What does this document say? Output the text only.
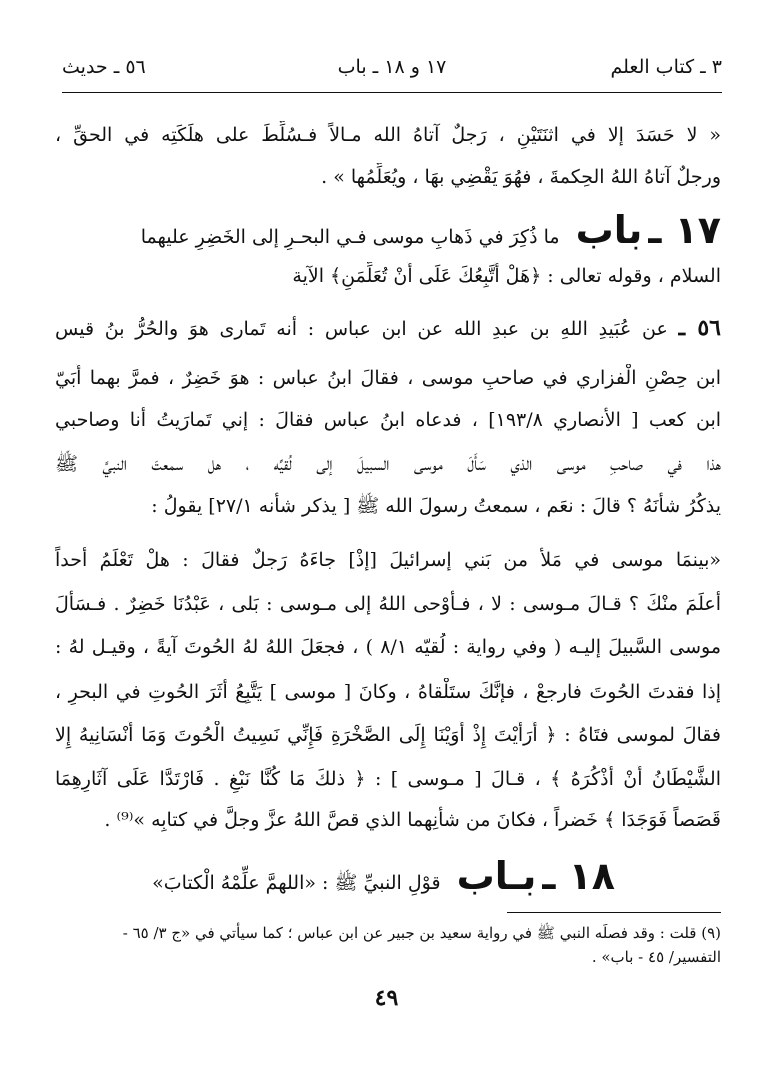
٣ ـ كتاب العلم
١٧ و ١٨ ـ باب
٥٦ ـ حديث
« لا حَسَدَ إلا في اثنَتَيْنِ ، رَجلٌ آتاهُ الله مـالاً فـسُلِّطَ على هلَكَتِه في الحقِّ ،
ورجلٌ آتاهُ اللهُ الحِكمةَ ، فهُوَ يَقْضِي بهَا ، ويُعَلِّمُها » .
١٧ ـ باب ما ذُكِرَ في ذَهابِ موسى فـي البحـرِ إلى الخَضِرِ عليهما
السلام ، وقوله تعالى : ﴿هَلْ أَتَّبِعُكَ عَلَى أَنْ تُعَلِّمَنِ﴾ الآية
٥٦ ـ عن عُبَيدِ اللهِ بن عبدِ الله عن ابن عباس : أنه تَمارى هوَ والحُرُّ بنُ قيس
ابن حِصْنٍ الْفزاري في صاحبِ موسى ، فقالَ ابنُ عباس : هوَ خَضِرٌ ، فمرَّ بهما أُبَيّ
ابن كعب [ الأنصاري ١٩٣/٨] ، فدعاه ابنُ عباس فقالَ : إني تَمارَيتُ أنا وصاحبي
هذا في صاحبِ موسى الذي سَأَلَ موسى السبيلَ إلى لُقيِّه ، هل سمعتَ النبيَّ ﷺ
يذكُرُ شأْنَهُ ؟ قالَ : نعَم ، سمعتُ رسولَ الله ﷺ [ يذكر شأنه ٢٧/١] يقولُ :
«بينمَا موسى في مَلأ من بَني إسرائيلَ [إذْ] جاءَهُ رَجلٌ فقالَ : هلْ تَعْلَمُ أحداً
أعلَمَ منْكَ ؟ قـالَ مـوسى : لا ، فـأوْحى اللهُ إلى مـوسى : بَلى ، عَبْدُنَا خَضِرٌ . فـسَأَلَ
موسى السَّبيلَ إليـه ( وفي رواية : لُقيّه ٨/١ ) ، فجعَلَ اللهُ لهُ الحُوتَ آيةً ، وقيـل لهُ :
إذا فقدتَ الحُوتَ فارجعْ ، فإنَّكَ ستَلْقاهُ ، وكانَ [ موسى ] يَتَّبِعُ أثَرَ الحُوتِ في البحرِ ،
فقالَ لموسى فتَاهُ : ﴿ أَرَأَيْتَ إِذْ أَوَيْنَا إِلَى الصَّخْرَةِ فَإِنِّي نَسِيتُ الْحُوتَ وَمَا أَنْسَانِيهُ إِلا
الشَّيْطَانُ أَنْ أَذْكُرَهُ ﴾ ، قـالَ [ مـوسى ] : ﴿ ذلكَ مَا كُنَّا نَبْغِ . فَارْتَدَّا عَلَى آثَارِهِمَا
قَصَصاً فَوَجَدَا ﴾ خَضراً ، فكانَ من شأنِهما الذي قصَّ اللهُ عزَّ وجلَّ في كتابِه »⁽⁹⁾ .
١٨ ـ بـاب قوْلِ النبيِّ ﷺ : «اللهمَّ علِّمْهُ الْكتابَ»
(٩) قلت : وقد فصلَه النبي ﷺ في رواية سعيد بن جبير عن ابن عباس ؛ كما سيأتي في «ج ٣/ ٦٥ -
التفسير/ ٤٥ - باب» .
٤٩
